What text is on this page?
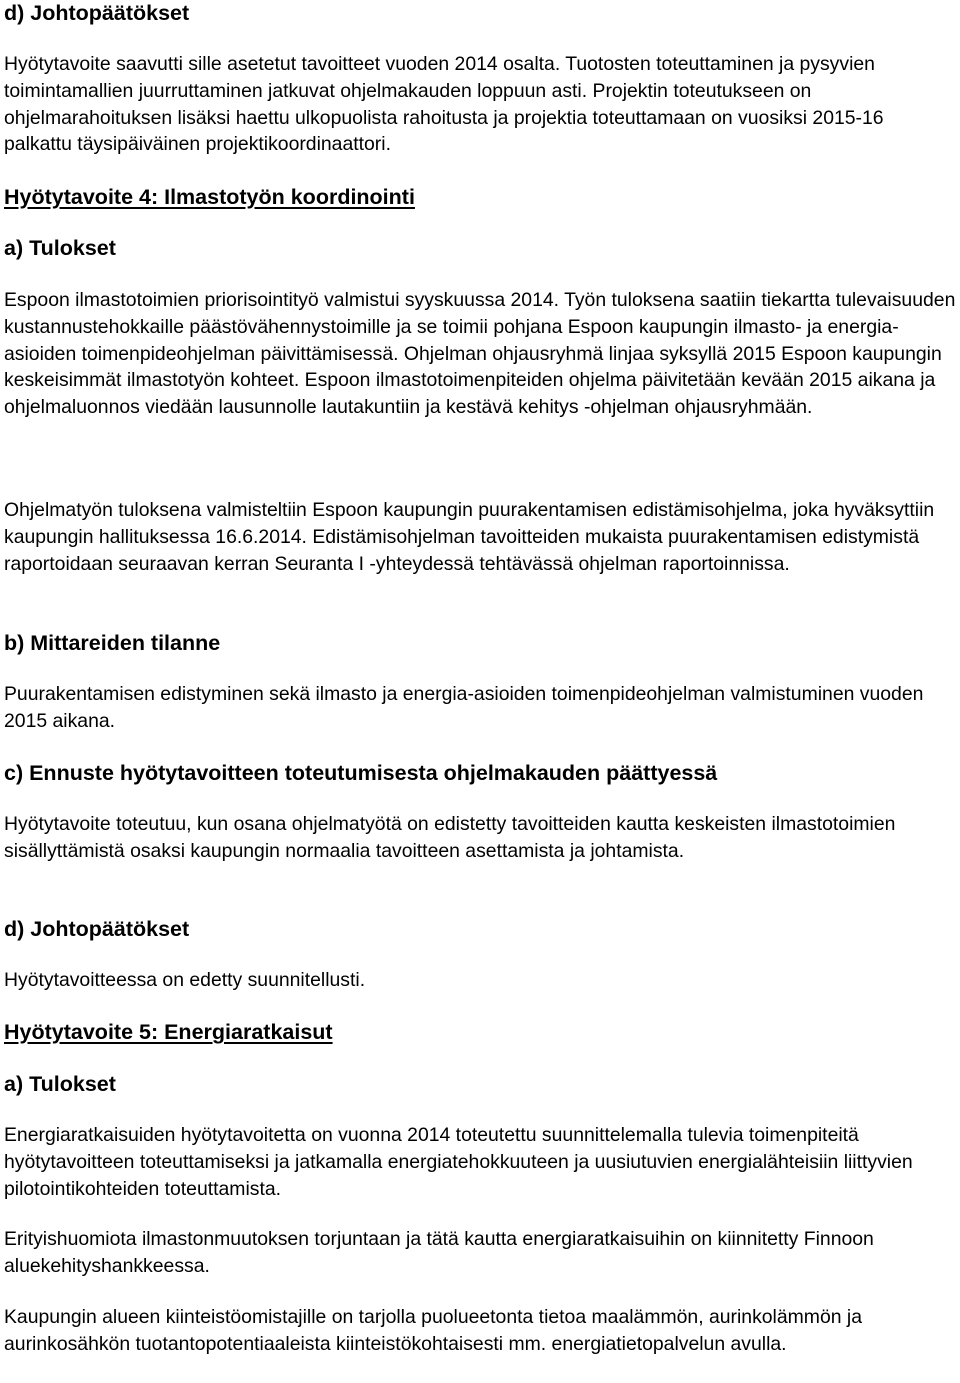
d) Johtopäätökset
Hyötytavoite saavutti sille asetetut tavoitteet vuoden 2014 osalta. Tuotosten toteuttaminen ja pysyvien toimintamallien juurruttaminen jatkuvat ohjelmakauden loppuun asti. Projektin toteutukseen on ohjelmarahoituksen lisäksi haettu ulkopuolista rahoitusta ja projektia toteuttamaan on vuosiksi 2015-16 palkattu täysipäiväinen projektikoordinaattori.
Hyötytavoite 4: Ilmastotyön koordinointi
a) Tulokset
Espoon ilmastotoimien priorisointityö valmistui syyskuussa 2014. Työn tuloksena saatiin tiekartta tulevaisuuden kustannustehokkaille päästövähennystoimille ja se toimii pohjana Espoon kaupungin ilmasto- ja energia-asioiden toimenpideohjelman päivittämisessä. Ohjelman ohjausryhmä linjaa syksyllä 2015 Espoon kaupungin keskeisimmät ilmastotyön kohteet. Espoon ilmastotoimenpiteiden ohjelma päivitetään kevään 2015 aikana ja ohjelmaluonnos viedään lausunnolle lautakuntiin ja kestävä kehitys -ohjelman ohjausryhmään.
Ohjelmatyön tuloksena valmisteltiin Espoon kaupungin puurakentamisen edistämisohjelma, joka hyväksyttiin kaupungin hallituksessa 16.6.2014. Edistämisohjelman tavoitteiden mukaista puurakentamisen edistymistä raportoidaan seuraavan kerran Seuranta I -yhteydessä tehtävässä ohjelman raportoinnissa.
b) Mittareiden tilanne
Puurakentamisen edistyminen sekä ilmasto ja energia-asioiden toimenpideohjelman valmistuminen vuoden 2015 aikana.
c) Ennuste hyötytavoitteen toteutumisesta ohjelmakauden päättyessä
Hyötytavoite toteutuu, kun osana ohjelmatyötä on edistetty tavoitteiden kautta keskeisten ilmastotoimien sisällyttämistä osaksi kaupungin normaalia tavoitteen asettamista ja johtamista.
d) Johtopäätökset
Hyötytavoitteessa on edetty suunnitellusti.
Hyötytavoite 5: Energiaratkaisut
a) Tulokset
Energiaratkaisuiden hyötytavoitetta on vuonna 2014 toteutettu suunnittelemalla tulevia toimenpiteitä hyötytavoitteen toteuttamiseksi ja jatkamalla energiatehokkuuteen ja uusiutuvien energialähteisiin liittyvien pilotointikohteiden toteuttamista.
Erityishuomiota ilmastonmuutoksen torjuntaan ja tätä kautta energiaratkaisuihin on kiinnitetty Finnoon aluekehityshankkeessa.
Kaupungin alueen kiinteistöomistajille on tarjolla puolueetonta tietoa maalämmön, aurinkolämmön ja aurinkosähkön tuotantopotentiaaleista kiinteistökohtaisesti mm. energiatietopalvelun avulla.
